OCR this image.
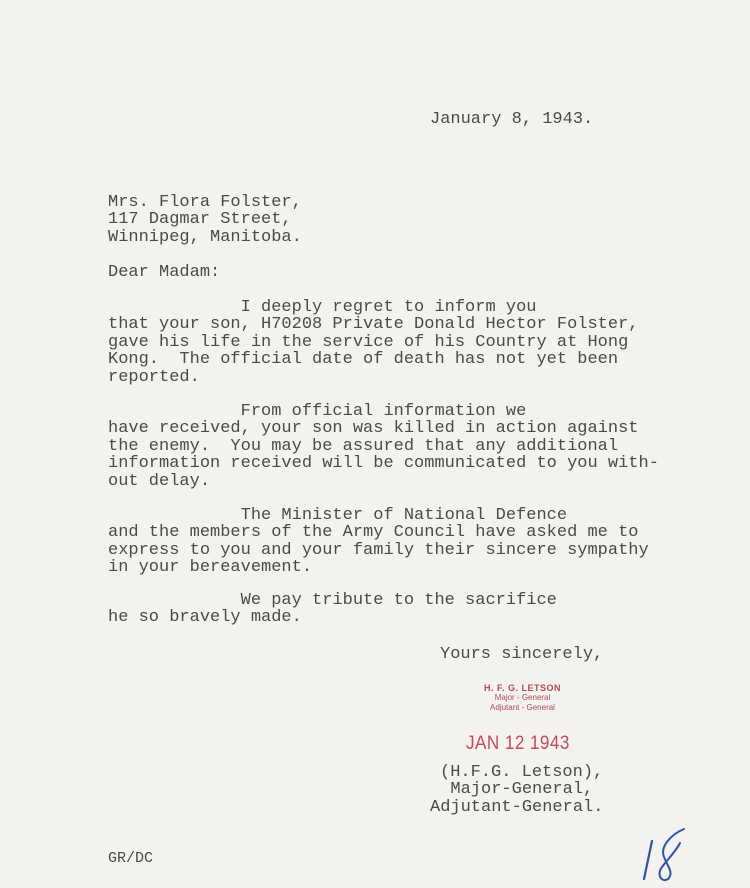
January 8, 1943.
Mrs. Flora Folster,
117 Dagmar Street,
Winnipeg, Manitoba.
Dear Madam:
I deeply regret to inform you
that your son, H70208 Private Donald Hector Folster,
gave his life in the service of his Country at Hong
Kong.  The official date of death has not yet been
reported.
From official information we
have received, your son was killed in action against
the enemy.  You may be assured that any additional
information received will be communicated to you with-
out delay.
The Minister of National Defence
and the members of the Army Council have asked me to
express to you and your family their sincere sympathy
in your bereavement.
We pay tribute to the sacrifice
he so bravely made.
Yours sincerely,
H. F. G. LETSON
Major - General
Adjutant - General
JAN 12 1943
(H.F.G. Letson),
Major-General,
Adjutant-General.
GR/DC
